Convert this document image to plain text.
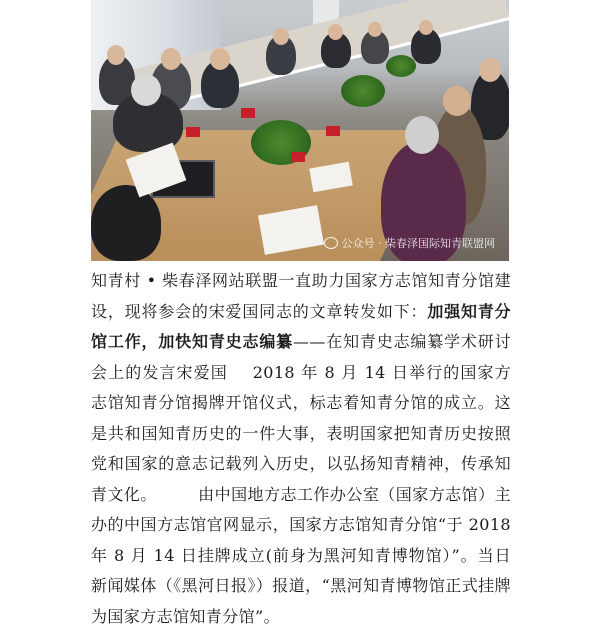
公众号 · 柴春泽国际知青联盟网
知青村 • 柴春泽网站联盟一直助力国家方志馆知青分馆建设，现将参会的宋爱国同志的文章转发如下：加强知青分馆工作，加快知青史志编纂——在知青史志编纂学术研讨会上的发言宋爱国   2018 年 8 月 14 日举行的国家方志馆知青分馆揭牌开馆仪式，标志着知青分馆的成立。这是共和国知青历史的一件大事，表明国家把知青历史按照党和国家的意志记载列入历史，以弘扬知青精神，传承知青文化。   	由中国地方志工作办公室（国家方志馆）主办的中国方志馆官网显示，国家方志馆知青分馆“于 2018 年 8 月 14 日挂牌成立(前身为黑河知青博物馆）”。当日新闻媒体（《黑河日报》）报道，“黑河知青博物馆正式挂牌为国家方志馆知青分馆”。
